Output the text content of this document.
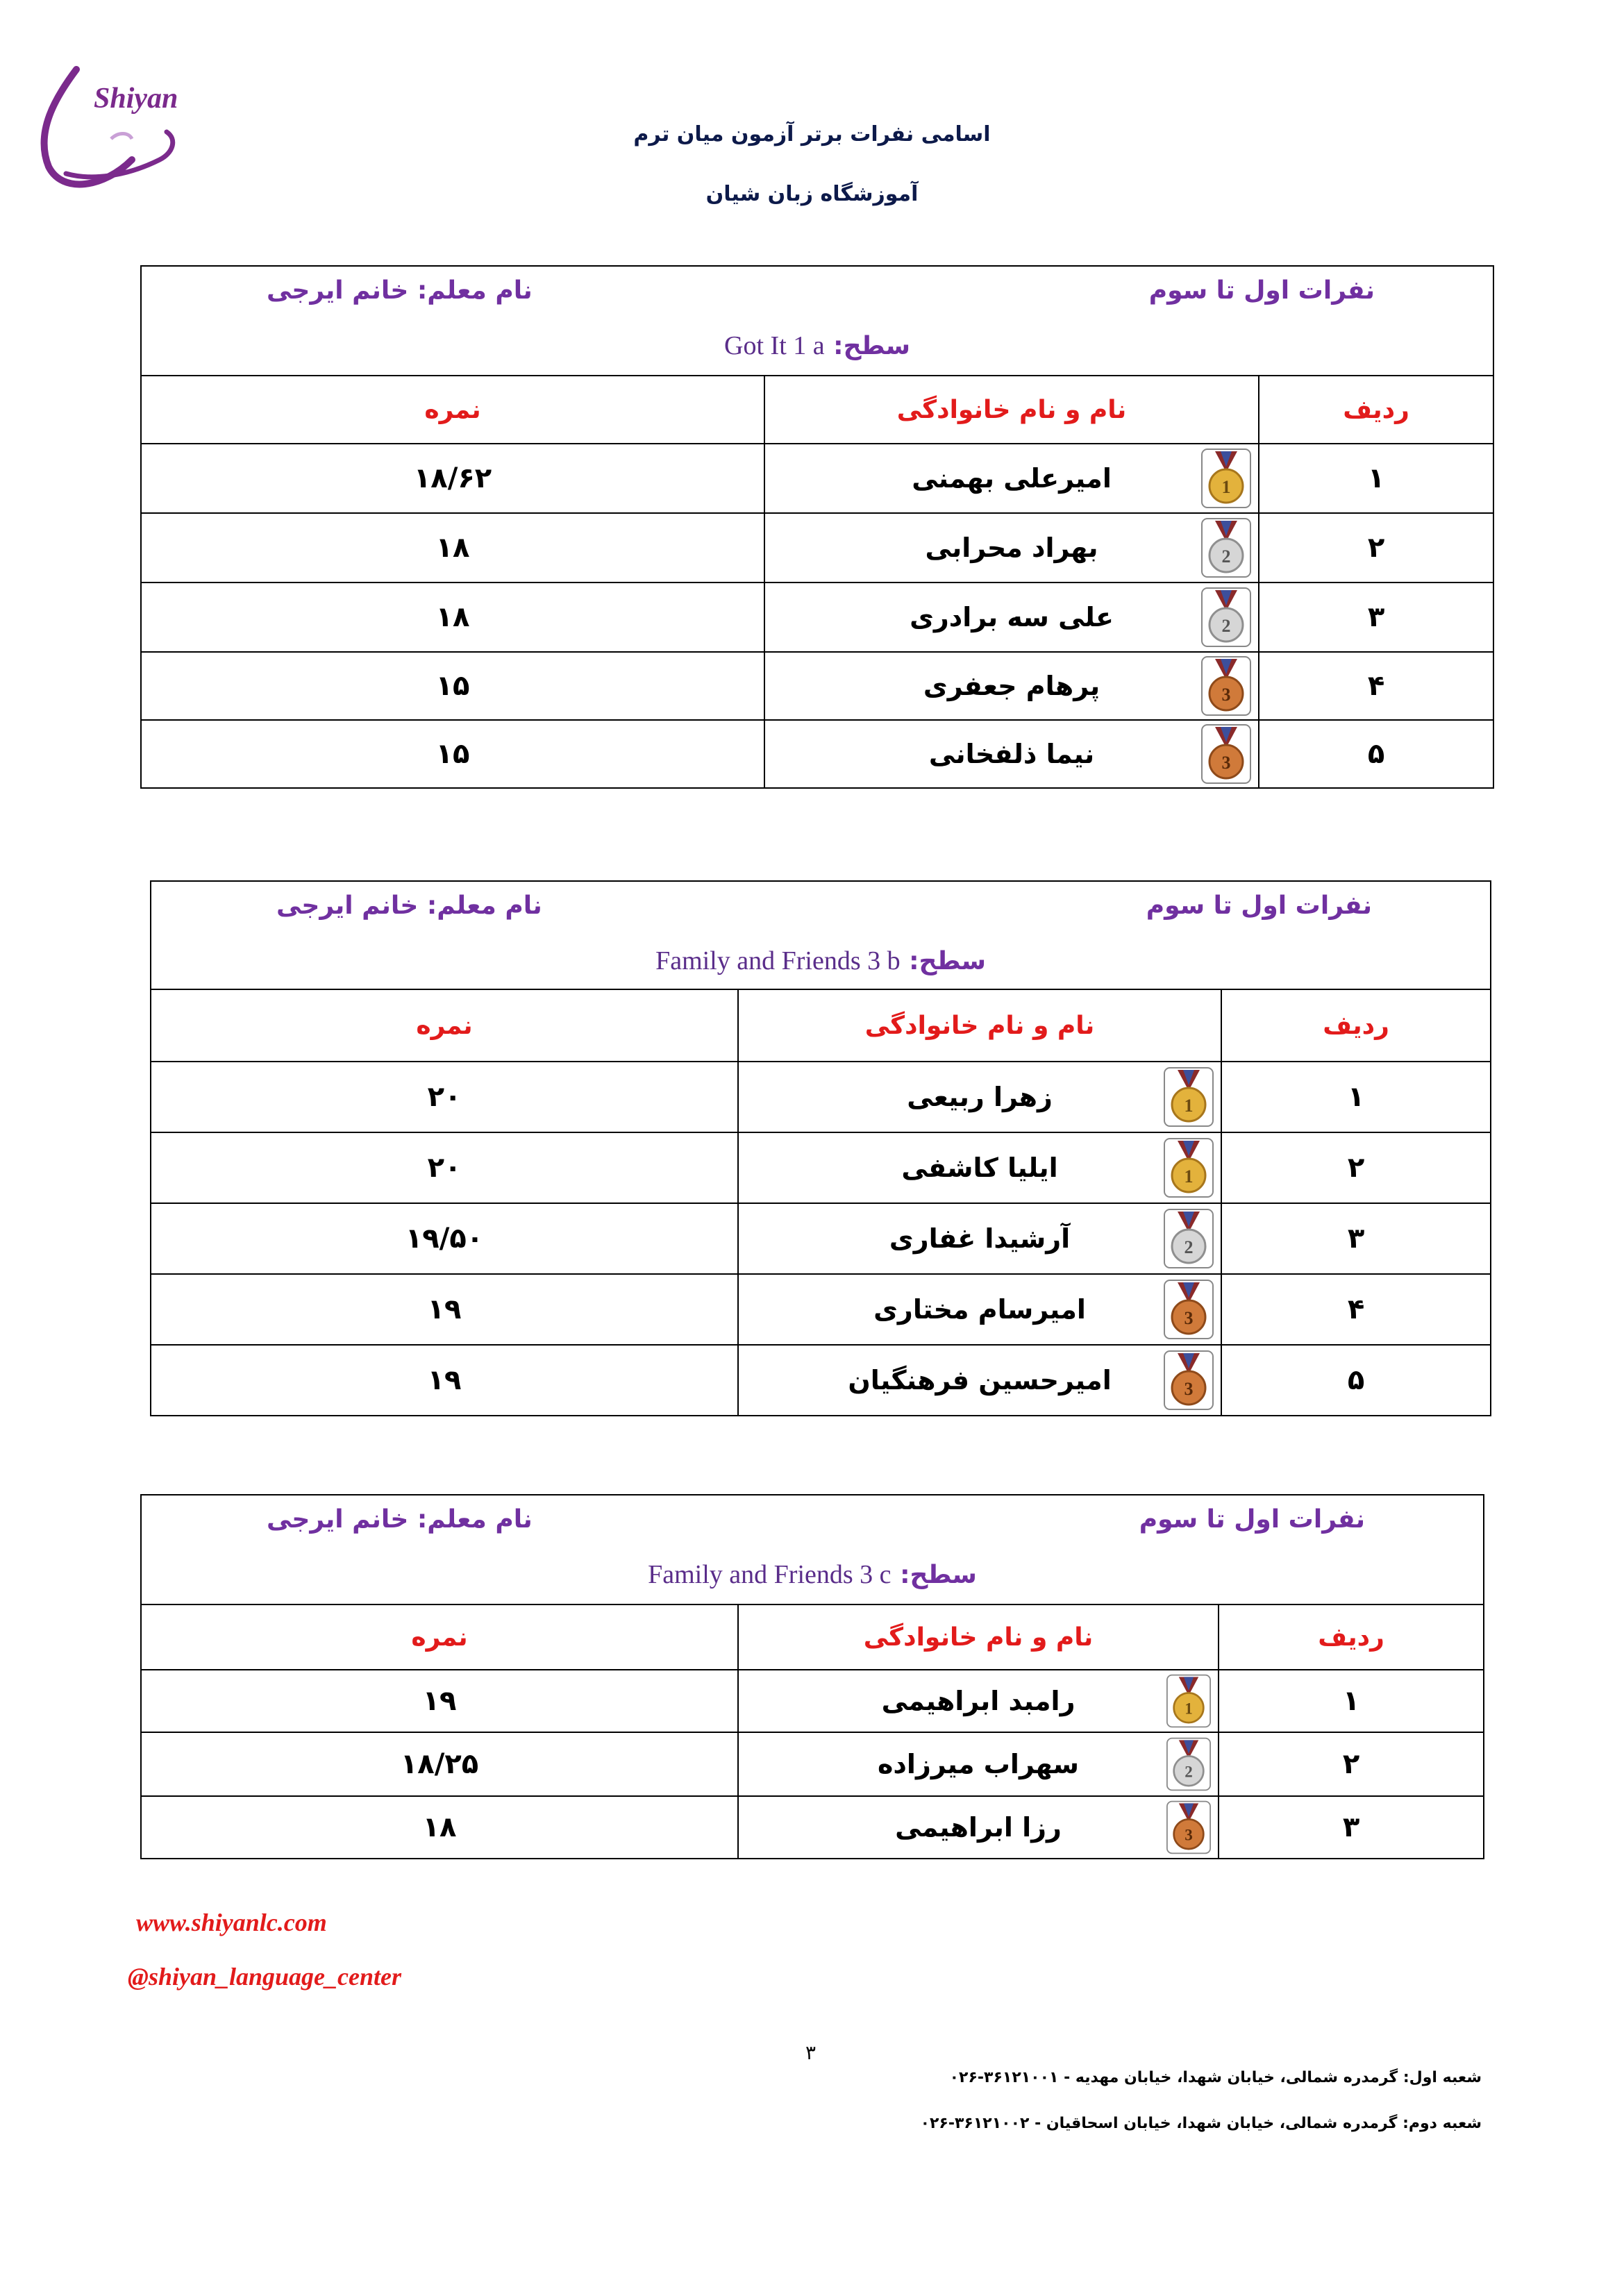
Shiyan
اسامی نفرات برتر آزمون میان ترم
آموزشگاه زبان شیان
نفرات اول تا سوم
نام معلم: خانم ایرجی
سطح: Got It 1 a		

ردیف	نام و نام خانوادگی	نمره
۱	امیرعلی بهمنی	۱۸/۶۲
۲	بهراد محرابی	۱۸
۳	علی سه برادری	۱۸
۴	پرهام جعفری	۱۵
۵	نیما ذلفخانی	۱۵
نفرات اول تا سوم
نام معلم: خانم ایرجی
سطح: Family and Friends 3 b		

ردیف	نام و نام خانوادگی	نمره
۱	زهرا ربیعی	۲۰
۲	ایلیا کاشفی	۲۰
۳	آرشیدا غفاری	۱۹/۵۰
۴	امیرسام مختاری	۱۹
۵	امیرحسین فرهنگیان	۱۹
نفرات اول تا سوم
نام معلم: خانم ایرجی
سطح: Family and Friends 3 c		

ردیف	نام و نام خانوادگی	نمره
۱	رامبد ابراهیمی	۱۹
۲	سهراب میرزاده	۱۸/۲۵
۳	رزا ابراهیمی	۱۸
www.shiyanlc.com
@shiyan_language_center
۳
شعبه اول: گرمدره شمالی، خیابان شهدا، خیابان مهدیه - ۳۶۱۲۱۰۰۱-۰۲۶
شعبه دوم: گرمدره شمالی، خیابان شهدا، خیابان اسحاقیان - ۳۶۱۲۱۰۰۲-۰۲۶
